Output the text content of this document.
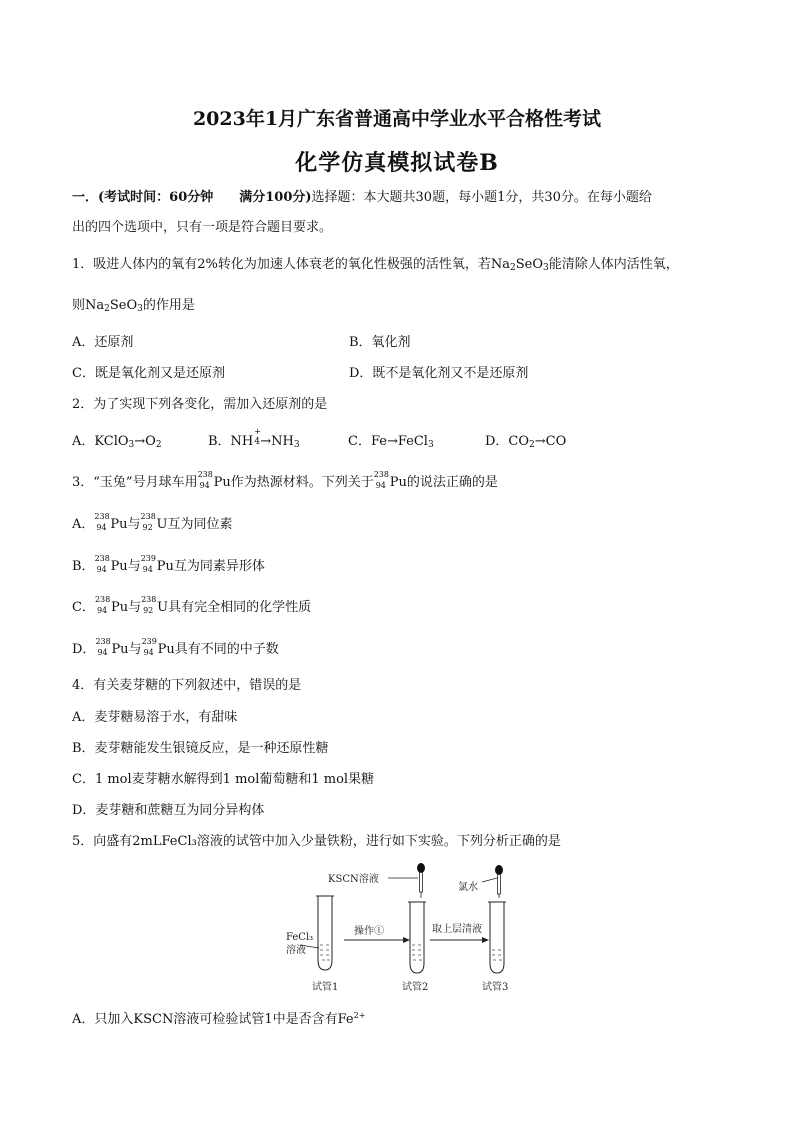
2023年1月广东省普通高中学业水平合格性考试
化学仿真模拟试卷B
一．(考试时间：60分钟　　满分100分)选择题：本大题共30题，每小题1分，共30分。在每小题给
出的四个选项中，只有一项是符合题目要求。
1．吸进人体内的氧有2%转化为加速人体衰老的氧化性极强的活性氧，若$Na_2SeO_3$能清除人体内活性氧，
则$Na_2SeO_3$的作用是
A．还原剂	B．氧化剂
C．既是氧化剂又是还原剂	D．既不是氧化剂又不是还原剂
2．为了实现下列各变化，需加入还原剂的是
A．$KClO_3\to O_2$	B．NH
+
$4 \to NH_3$	C．Fe→FeCl$_3$	D．$CO_2\to CO$
3．“玉兔”号月球车用
238
94 Pu作为热源材料。下列关于
238
94 Pu的说法正确的是
A．
238
94 Pu与
238
92 U互为同位素
B．
238
94 Pu与
239
94 Pu互为同素异形体
C．
238
94 Pu与
238
92 U具有完全相同的化学性质
D．
238
94 Pu与
239
94 Pu具有不同的中子数
4．有关麦芽糖的下列叙述中，错误的是
A．麦芽糖易溶于水，有甜味
B．麦芽糖能发生银镜反应，是一种还原性糖
C．1 mol麦芽糖水解得到1 mol葡萄糖和1 mol果糖
D．麦芽糖和蔗糖互为同分异构体
5．向盛有2mLFeCl₃溶液的试管中加入少量铁粉，进行如下实验。下列分析正确的是
FeCl₃
溶液
操作①
KSCN溶液
取上层清液
氯水
试管1	试管2	试管3
A．只加入KSCN溶液可检验试管1中是否含有$Fe^{2+}$
